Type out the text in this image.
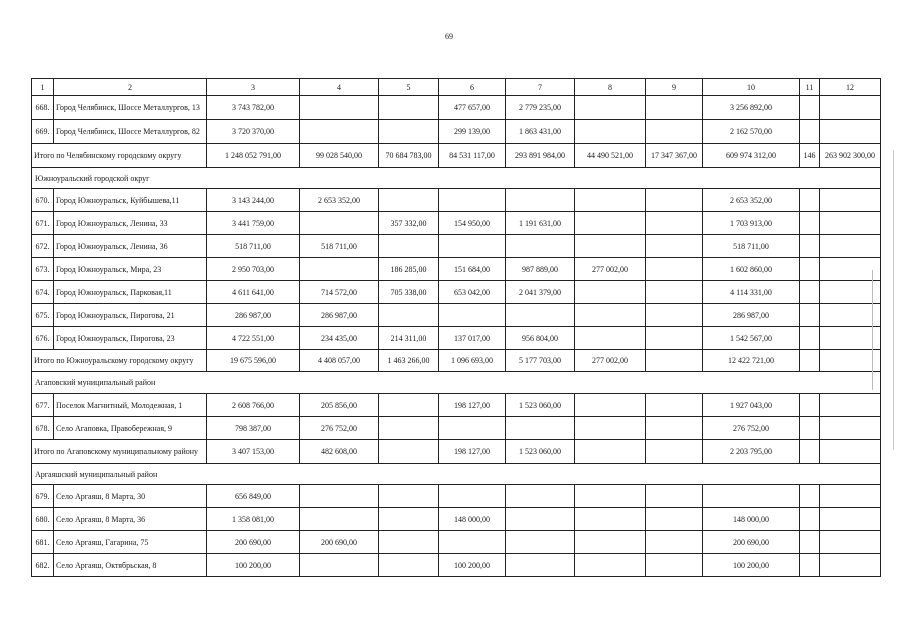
69
1	2	3	4	5	6	7	8	9	10	11	12
668.	Город Челябинск, Шоссе Металлургов, 13	3 743 782,00			477 657,00	2 779 235,00			3 256 892,00		
669.	Город Челябинск, Шоссе Металлургов, 82	3 720 370,00			299 139,00	1 863 431,00			2 162 570,00		
Итого по Челябинскому городскому округу		1 248 052 791,00	99 028 540,00	70 684 783,00	84 531 117,00	293 891 984,00	44 490 521,00	17 347 367,00	609 974 312,00	146	263 902 300,00
Южноуральский городской округ											
670.	Город Южноуральск, Куйбышева,11	3 143 244,00	2 653 352,00						2 653 352,00		
671.	Город Южноуральск, Ленина, 33	3 441 759,00		357 332,00	154 950,00	1 191 631,00			1 703 913,00		
672.	Город Южноуральск, Ленина, 36	518 711,00	518 711,00						518 711,00		
673.	Город Южноуральск, Мира, 23	2 950 703,00		186 285,00	151 684,00	987 889,00	277 002,00		1 602 860,00		
674.	Город Южноуральск, Парковая,11	4 611 641,00	714 572,00	705 338,00	653 042,00	2 041 379,00			4 114 331,00		
675.	Город Южноуральск, Пирогова, 21	286 987,00	286 987,00						286 987,00		
676.	Город Южноуральск, Пирогова, 23	4 722 551,00	234 435,00	214 311,00	137 017,00	956 804,00			1 542 567,00		
Итого по Южноуральскому городскому округу		19 675 596,00	4 408 057,00	1 463 266,00	1 096 693,00	5 177 703,00	277 002,00		12 422 721,00		
Агаповский муниципальный район											
677.	Поселок Магнитный, Молодежная, 1	2 608 766,00	205 856,00		198 127,00	1 523 060,00			1 927 043,00		
678.	Село Агаповка, Правобережная, 9	798 387,00	276 752,00						276 752,00		
Итого по Агаповскому муниципальному району		3 407 153,00	482 608,00		198 127,00	1 523 060,00			2 203 795,00		
Аргаяшский муниципальный район											
679.	Село Аргаяш, 8 Марта, 30	656 849,00									
680.	Село Аргаяш, 8 Марта, 36	1 358 081,00			148 000,00				148 000,00		
681.	Село Аргаяш, Гагарина, 75	200 690,00	200 690,00						200 690,00		
682.	Село Аргаяш, Октябрьская, 8	100 200,00			100 200,00				100 200,00		
